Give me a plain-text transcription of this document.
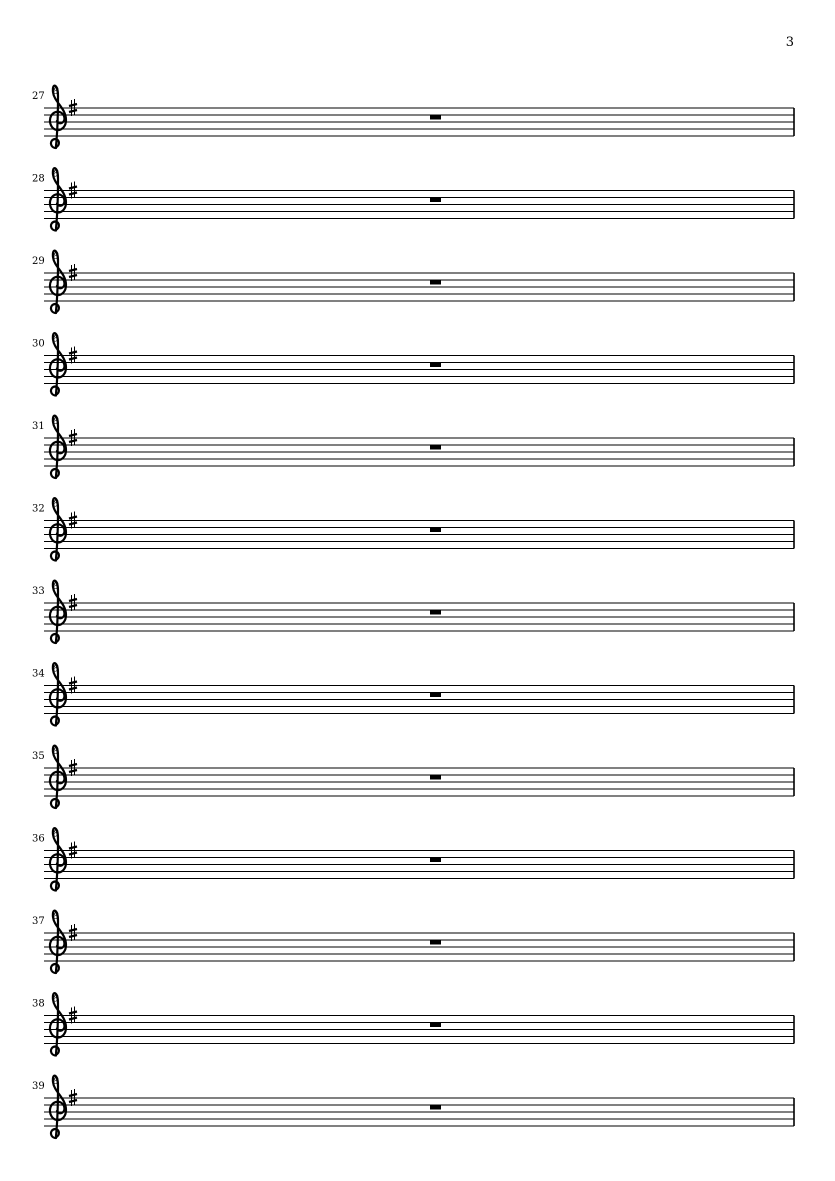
3
27 8
28 8
29 8
30 8
31 8
32 8
33 8
34 8
35 8
36 8
37 8
38 8
39 8
